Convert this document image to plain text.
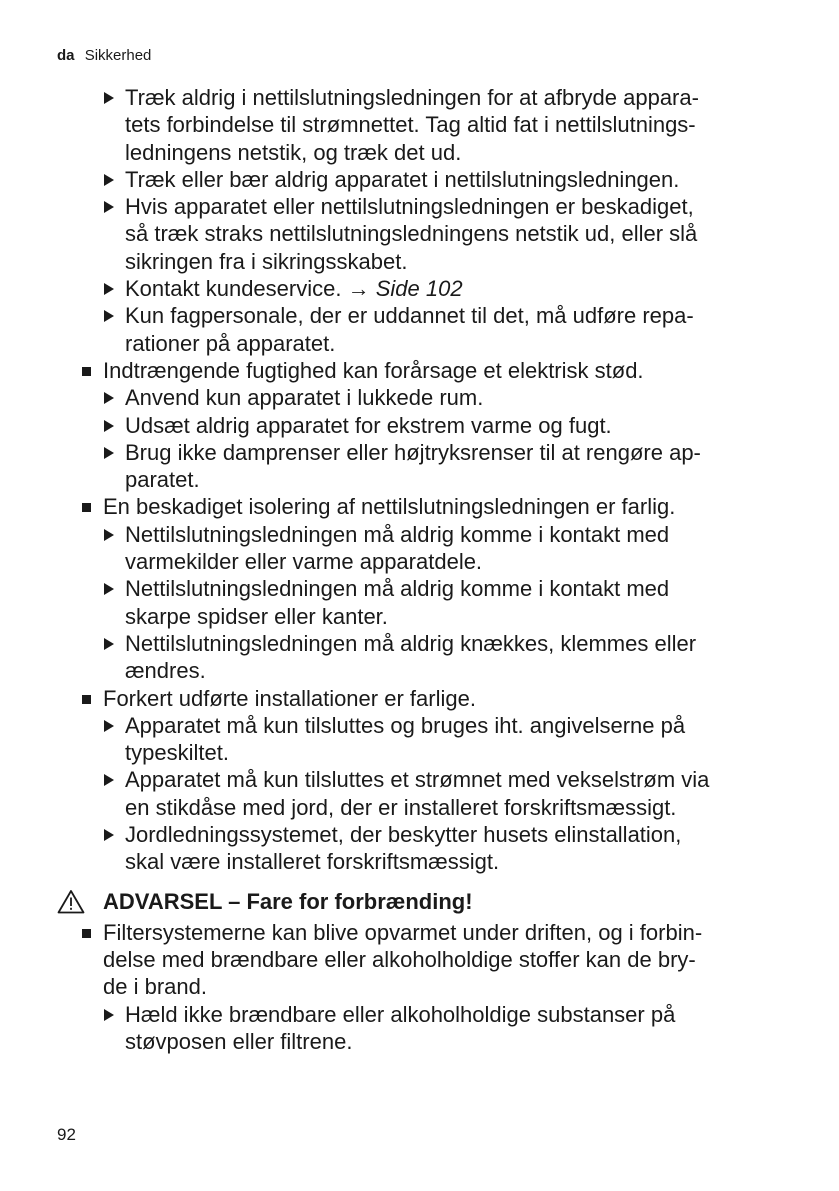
da Sikkerhed
Træk aldrig i nettilslutningsledningen for at afbryde appara-
tets forbindelse til strømnettet. Tag altid fat i nettilslutnings-
ledningens netstik, og træk det ud.
Træk eller bær aldrig apparatet i nettilslutningsledningen.
Hvis apparatet eller nettilslutningsledningen er beskadiget,
så træk straks nettilslutningsledningens netstik ud, eller slå
sikringen fra i sikringsskabet.
Kontakt kundeservice. → Side 102
Kun fagpersonale, der er uddannet til det, må udføre repa-
rationer på apparatet.
Indtrængende fugtighed kan forårsage et elektrisk stød.
Anvend kun apparatet i lukkede rum.
Udsæt aldrig apparatet for ekstrem varme og fugt.
Brug ikke damprenser eller højtryksrenser til at rengøre ap-
paratet.
En beskadiget isolering af nettilslutningsledningen er farlig.
Nettilslutningsledningen må aldrig komme i kontakt med
varmekilder eller varme apparatdele.
Nettilslutningsledningen må aldrig komme i kontakt med
skarpe spidser eller kanter.
Nettilslutningsledningen må aldrig knækkes, klemmes eller
ændres.
Forkert udførte installationer er farlige.
Apparatet må kun tilsluttes og bruges iht. angivelserne på
typeskiltet.
Apparatet må kun tilsluttes et strømnet med vekselstrøm via
en stikdåse med jord, der er installeret forskriftsmæssigt.
Jordledningssystemet, der beskytter husets elinstallation,
skal være installeret forskriftsmæssigt.
ADVARSEL – Fare for forbrænding!
Filtersystemerne kan blive opvarmet under driften, og i forbin-
delse med brændbare eller alkoholholdige stoffer kan de bry-
de i brand.
Hæld ikke brændbare eller alkoholholdige substanser på
støvposen eller filtrene.
92
